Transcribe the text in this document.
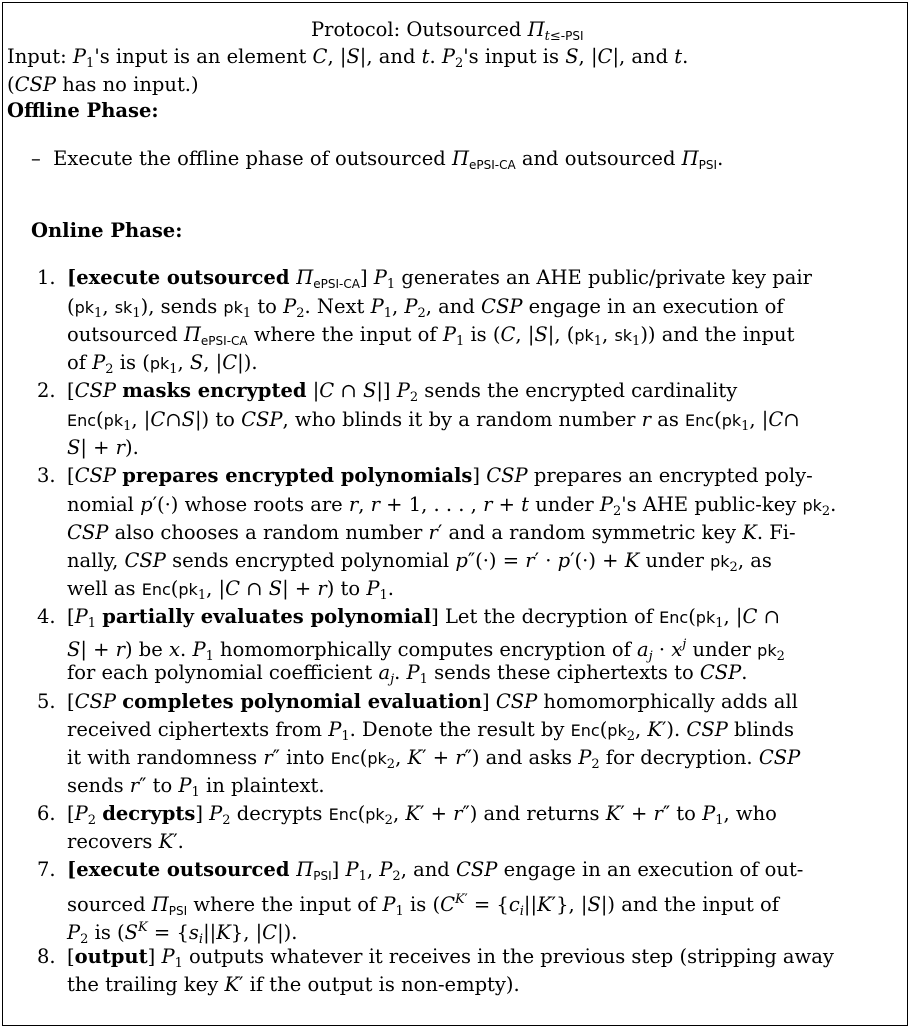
Protocol: Outsourced $\Pi_{t\le-PSI}$
Input: $P_1's$ input is an element C, |S|, and t. $P_2's$ input is S, |C|, and t.
(CSP has no input.)
Offline Phase:
–  Execute the offline phase of outsourced $\Pi_{ePSI-CA}$ and outsourced $\Pi_{PSI}$.
Online Phase:
1. [execute outsourced $\Pi_{ePSI-CA}$] $P_1$ generates an AHE public/private key pair
($pk_1$, $sk_1$), sends $pk_1$ to $P_2$. Next $P_1$, $P_2$, and CSP engage in an execution of
outsourced $\Pi_{ePSI-CA}$ where the input of $P_1$ is (C, |S|, ($pk_1$, $sk_1$)) and the input
of $P_2$ is ($pk_1$, S, |C|).
2. [CSP masks encrypted |C ∩ S|] $P_2$ sends the encrypted cardinality
$Enc(pk_1$, |C∩S|) to CSP, who blinds it by a random number r as $Enc(pk_1$, |C∩
S| + r).
3. [CSP prepares encrypted polynomials] CSP prepares an encrypted poly-
nomial p′(·) whose roots are r, r + 1, . . . , r + t under $P_2's$ AHE public-key $pk_2$.
CSP also chooses a random number r′ and a random symmetric key K. Fi-
nally, CSP sends encrypted polynomial p″(·) = r′ · p′(·) + K under $pk_2$, as
well as $Enc(pk_1$, |C ∩ S| + r) to $P_1$.
4. [$P_1$ partially evaluates polynomial] Let the decryption of $Enc(pk_1$, |C ∩
S| + r) be x. $P_1$ homomorphically computes encryption of $a_j \cdot x^j$ under $pk_2$
for each polynomial coefficient $a_j$. $P_1$ sends these ciphertexts to CSP.
5. [CSP completes polynomial evaluation] CSP homomorphically adds all
received ciphertexts from $P_1$. Denote the result by $Enc(pk_2$, K′). CSP blinds
it with randomness r″ into $Enc(pk_2$, K′ + r″) and asks $P_2$ for decryption. CSP
sends r″ to $P_1$ in plaintext.
6. [$P_2$ decrypts] $P_2$ decrypts $Enc(pk_2$, K′ + r″) and returns K′ + r″ to $P_1$, who
recovers K′.
7. [execute outsourced $\Pi_{PSI}$] $P_1$, $P_2$, and CSP engage in an execution of out-
sourced $\Pi_{PSI}$ where the input of $P_1$ is ($C^{K'} = \{c_i||K'\}$, |S|) and the input of
$P_2$ is ($S^K = \{s_i||K\}$, |C|).
8. [output] $P_1$ outputs whatever it receives in the previous step (stripping away
the trailing key K′ if the output is non-empty).
